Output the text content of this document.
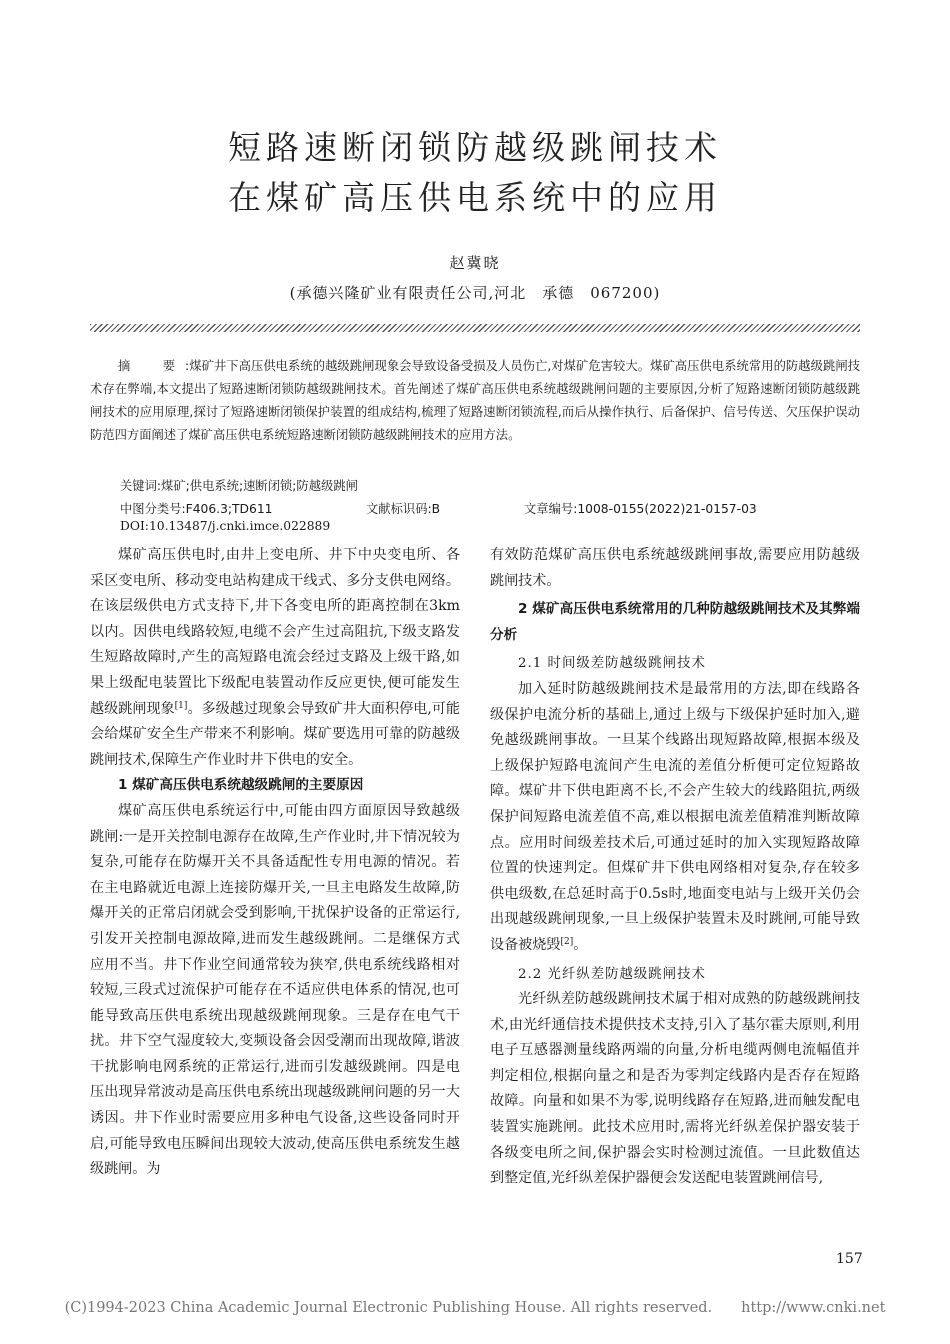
短路速断闭锁防越级跳闸技术
在煤矿高压供电系统中的应用
赵冀晓
(承德兴隆矿业有限责任公司,河北　承德　067200)
摘　要:煤矿井下高压供电系统的越级跳闸现象会导致设备受损及人员伤亡,对煤矿危害较大。煤矿高压供电系统常用的防越级跳闸技术存在弊端,本文提出了短路速断闭锁防越级跳闸技术。首先阐述了煤矿高压供电系统越级跳闸问题的主要原因,分析了短路速断闭锁防越级跳闸技术的应用原理,探讨了短路速断闭锁保护装置的组成结构,梳理了短路速断闭锁流程,而后从操作执行、后备保护、信号传送、欠压保护误动防范四方面阐述了煤矿高压供电系统短路速断闭锁防越级跳闸技术的应用方法。
关键词:煤矿;供电系统;速断闭锁;防越级跳闸
中图分类号:F406.3;TD611	文献标识码:B	文章编号:1008-0155(2022)21-0157-03
DOI:10.13487/j.cnki.imce.022889

煤矿高压供电时,由井上变电所、井下中央变电所、各采区变电所、移动变电站构建成干线式、多分支供电网络。在该层级供电方式支持下,井下各变电所的距离控制在3km以内。因供电线路较短,电缆不会产生过高阻抗,下级支路发生短路故障时,产生的高短路电流会经过支路及上级干路,如果上级配电装置比下级配电装置动作反应更快,便可能发生越级跳闸现象[1]。多级越过现象会导致矿井大面积停电,可能会给煤矿安全生产带来不利影响。煤矿要选用可靠的防越级跳闸技术,保障生产作业时井下供电的安全。

1 煤矿高压供电系统越级跳闸的主要原因

煤矿高压供电系统运行中,可能由四方面原因导致越级跳闸:一是开关控制电源存在故障,生产作业时,井下情况较为复杂,可能存在防爆开关不具备适配性专用电源的情况。若在主电路就近电源上连接防爆开关,一旦主电路发生故障,防爆开关的正常启闭就会受到影响,干扰保护设备的正常运行,引发开关控制电源故障,进而发生越级跳闸。二是继保方式应用不当。井下作业空间通常较为狭窄,供电系统线路相对较短,三段式过流保护可能存在不适应供电体系的情况,也可能导致高压供电系统出现越级跳闸现象。三是存在电气干扰。井下空气湿度较大,变频设备会因受潮而出现故障,谐波干扰影响电网系统的正常运行,进而引发越级跳闸。四是电压出现异常波动是高压供电系统出现越级跳闸问题的另一大诱因。井下作业时需要应用多种电气设备,这些设备同时开启,可能导致电压瞬间出现较大波动,使高压供电系统发生越级跳闸。为

有效防范煤矿高压供电系统越级跳闸事故,需要应用防越级跳闸技术。

2 煤矿高压供电系统常用的几种防越级跳闸技术及其弊端分析
2.1 时间级差防越级跳闸技术

加入延时防越级跳闸技术是最常用的方法,即在线路各级保护电流分析的基础上,通过上级与下级保护延时加入,避免越级跳闸事故。一旦某个线路出现短路故障,根据本级及上级保护短路电流间产生电流的差值分析便可定位短路故障。煤矿井下供电距离不长,不会产生较大的线路阻抗,两级保护间短路电流差值不高,难以根据电流差值精准判断故障点。应用时间级差技术后,可通过延时的加入实现短路故障位置的快速判定。但煤矿井下供电网络相对复杂,存在较多供电级数,在总延时高于0.5s时,地面变电站与上级开关仍会出现越级跳闸现象,一旦上级保护装置未及时跳闸,可能导致设备被烧毁[2]。

2.2 光纤纵差防越级跳闸技术

光纤纵差防越级跳闸技术属于相对成熟的防越级跳闸技术,由光纤通信技术提供技术支持,引入了基尔霍夫原则,利用电子互感器测量线路两端的向量,分析电缆两侧电流幅值并判定相位,根据向量之和是否为零判定线路内是否存在短路故障。向量和如果不为零,说明线路存在短路,进而触发配电装置实施跳闸。此技术应用时,需将光纤纵差保护器安装于各级变电所之间,保护器会实时检测过流值。一旦此数值达到整定值,光纤纵差保护器便会发送配电装置跳闸信号,

157
(C)1994-2023 China Academic Journal Electronic Publishing House. All rights reserved.　　http://www.cnki.net
